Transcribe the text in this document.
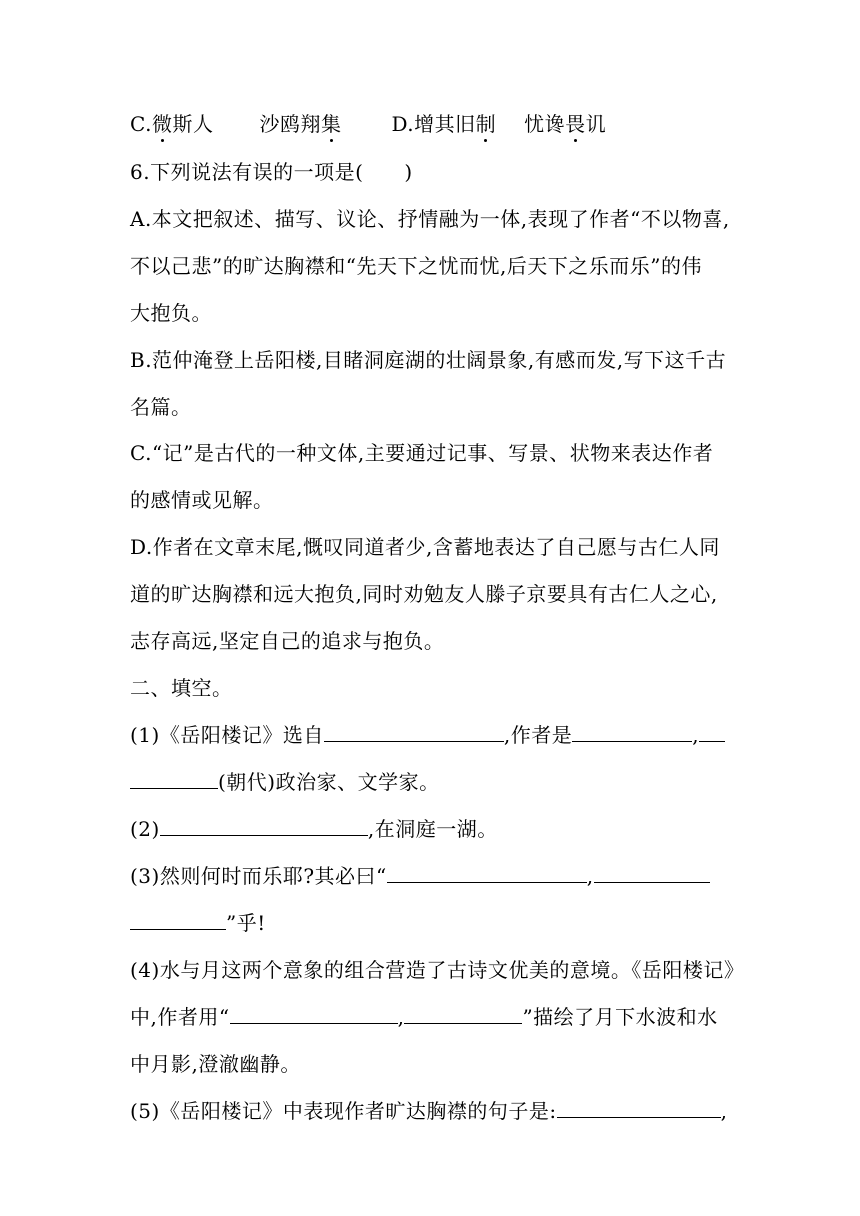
C.微斯人 沙鸥翔集	D.增其旧制 忧谗畏讥
6.下列说法有误的一项是(　　)
A.本文把叙述、描写、议论、抒情融为一体,表现了作者“不以物喜,
不以己悲”的旷达胸襟和“先天下之忧而忧,后天下之乐而乐”的伟
大抱负。
B.范仲淹登上岳阳楼,目睹洞庭湖的壮阔景象,有感而发,写下这千古
名篇。
C.“记”是古代的一种文体,主要通过记事、写景、状物来表达作者
的感情或见解。
D.作者在文章末尾,慨叹同道者少,含蓄地表达了自己愿与古仁人同
道的旷达胸襟和远大抱负,同时劝勉友人滕子京要具有古仁人之心,
志存高远,坚定自己的追求与抱负。
二、填空。
(1)《岳阳楼记》选自	,作者是	,
(朝代)政治家、文学家。
(2)	,在洞庭一湖。
(3)然则何时而乐耶?其必曰“	,
”乎!
(4)水与月这两个意象的组合营造了古诗文优美的意境。《岳阳楼记》
中,作者用“	,	”描绘了月下水波和水
中月影,澄澈幽静。
(5)《岳阳楼记》中表现作者旷达胸襟的句子是:	,
